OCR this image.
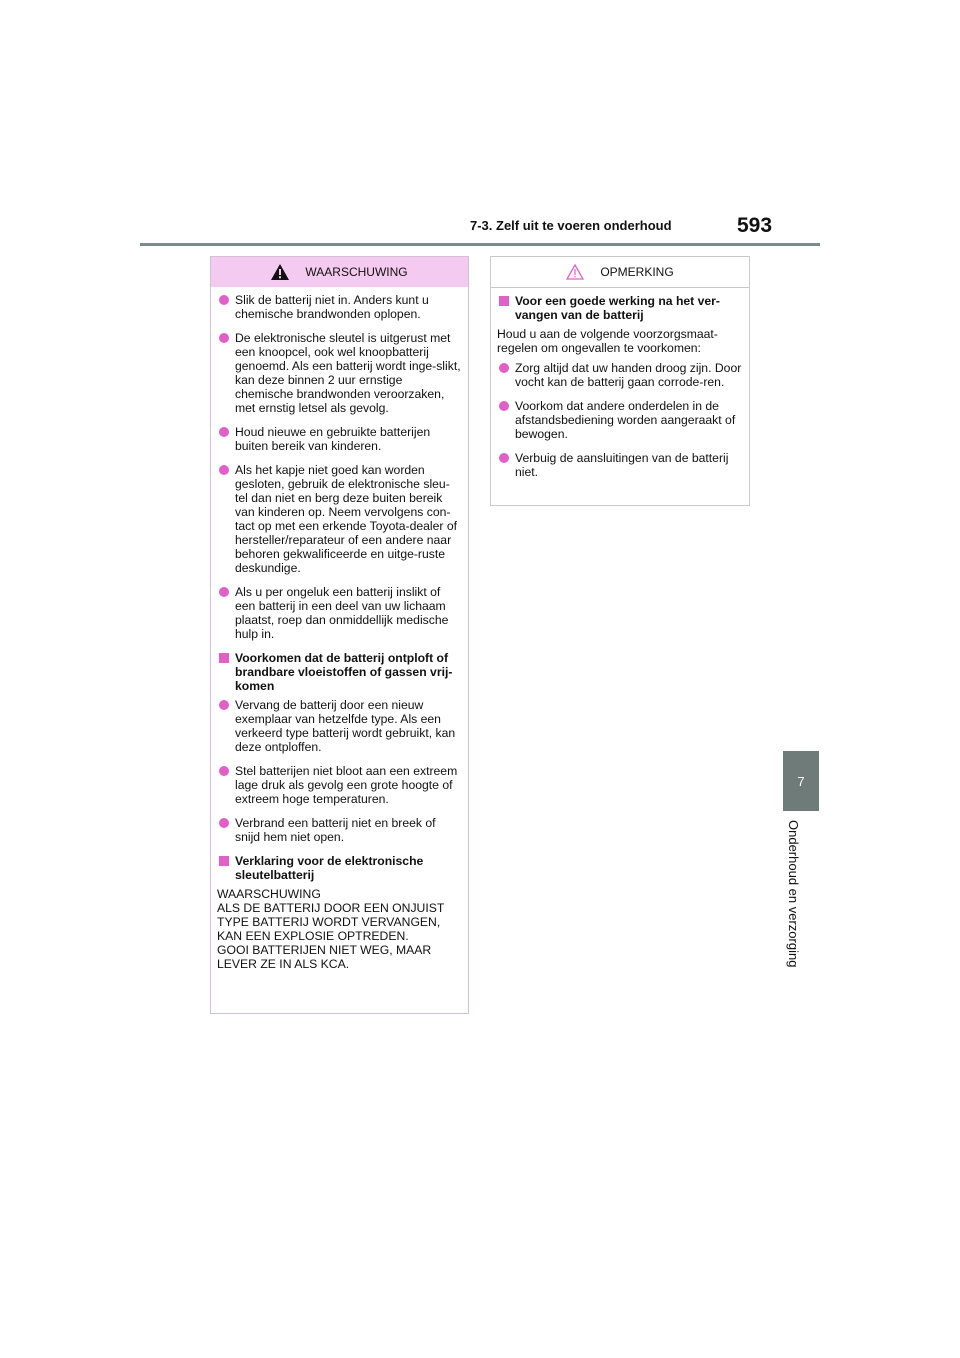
7-3. Zelf uit te voeren onderhoud	593
7
Onderhoud en verzorging
WAARSCHUWING
Slik de batterij niet in. Anders kunt u chemische brandwonden oplopen.
De elektronische sleutel is uitgerust met een knoopcel, ook wel knoopbatterij genoemd. Als een batterij wordt inge-slikt, kan deze binnen 2 uur ernstige chemische brandwonden veroorzaken, met ernstig letsel als gevolg.
Houd nieuwe en gebruikte batterijen buiten bereik van kinderen.
Als het kapje niet goed kan worden gesloten, gebruik de elektronische sleu-tel dan niet en berg deze buiten bereik van kinderen op. Neem vervolgens con-tact op met een erkende Toyota-dealer of hersteller/reparateur of een andere naar behoren gekwalificeerde en uitge-ruste deskundige.
Als u per ongeluk een batterij inslikt of een batterij in een deel van uw lichaam plaatst, roep dan onmiddellijk medische hulp in.
Voorkomen dat de batterij ontploft of brandbare vloeistoffen of gassen vrij-komen
Vervang de batterij door een nieuw exemplaar van hetzelfde type. Als een verkeerd type batterij wordt gebruikt, kan deze ontploffen.
Stel batterijen niet bloot aan een extreem lage druk als gevolg een grote hoogte of extreem hoge temperaturen.
Verbrand een batterij niet en breek of snijd hem niet open.
Verklaring voor de elektronische sleutelbatterij
WAARSCHUWING
ALS DE BATTERIJ DOOR EEN ONJUIST TYPE BATTERIJ WORDT VERVANGEN, KAN EEN EXPLOSIE OPTREDEN.
GOOI BATTERIJEN NIET WEG, MAAR LEVER ZE IN ALS KCA.
OPMERKING
Voor een goede werking na het ver-vangen van de batterij
Houd u aan de volgende voorzorgsmaat-regelen om ongevallen te voorkomen:
Zorg altijd dat uw handen droog zijn. Door vocht kan de batterij gaan corrode-ren.
Voorkom dat andere onderdelen in de afstandsbediening worden aangeraakt of bewogen.
Verbuig de aansluitingen van de batterij niet.
